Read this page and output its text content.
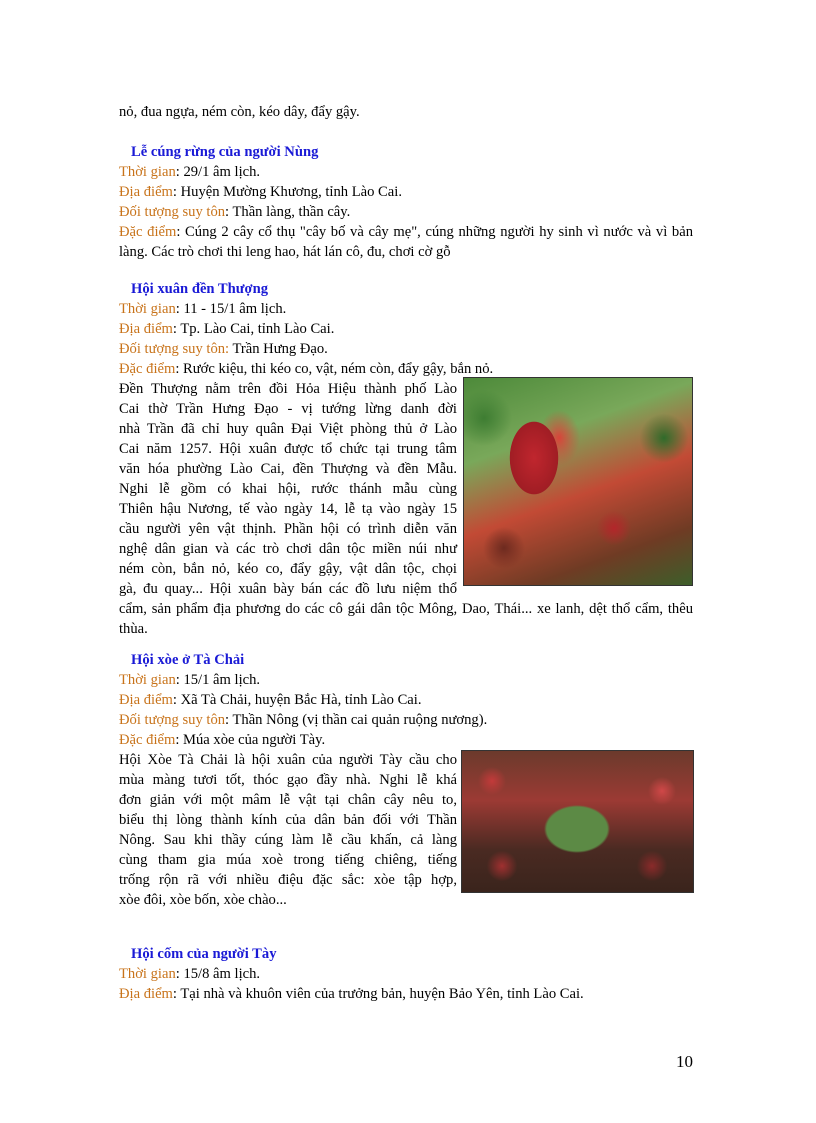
nỏ, đua ngựa, ném còn, kéo dây, đẩy gậy.

Lễ cúng rừng của người Nùng

Thời gian: 29/1 âm lịch.

Địa điểm: Huyện Mường Khương, tỉnh Lào Cai.

Đối tượng suy tôn: Thần làng, thần cây.

Đặc điểm: Cúng 2 cây cổ thụ "cây bố và cây mẹ", cúng những người hy sinh vì nước và vì bản làng. Các trò chơi thi leng hao, hát lán cô, đu, chơi cờ gỗ

Hội xuân đền Thượng

Thời gian: 11 - 15/1 âm lịch.

Địa điểm: Tp. Lào Cai, tỉnh Lào Cai.

Đối tượng suy tôn: Trần Hưng Đạo.

Đặc điểm: Rước kiệu, thi kéo co, vật, ném còn, đẩy gậy, bắn nỏ.

Đền Thượng nằm trên đồi Hỏa Hiệu thành phố Lào

Cai thờ Trần Hưng Đạo - vị tướng lừng danh đời

nhà Trần đã chỉ huy quân Đại Việt phòng thủ ở Lào

Cai năm 1257. Hội xuân được tổ chức tại trung tâm

văn hóa phường Lào Cai, đền Thượng và đền Mẫu.

Nghi lễ gồm có khai hội, rước thánh mẫu cùng

Thiên hậu Nương, tế vào ngày 14, lễ tạ vào ngày 15

cầu người yên vật thịnh. Phần hội có trình diễn văn

nghệ dân gian và các trò chơi dân tộc miền núi như

ném còn, bắn nỏ, kéo co, đẩy gậy, vật dân tộc, chọi

gà, đu quay... Hội xuân bày bán các đồ lưu niệm thổ

cẩm, sản phẩm địa phương do các cô gái dân tộc Mông, Dao, Thái... xe lanh, dệt thổ cẩm, thêu thùa.

Hội xòe ở Tà Chải

Thời gian: 15/1 âm lịch.

Địa điểm: Xã Tà Chải, huyện Bắc Hà, tỉnh Lào Cai.

Đối tượng suy tôn: Thần Nông (vị thần cai quản ruộng nương).

Đặc điểm: Múa xòe của người Tày.

Hội Xòe Tà Chải là hội xuân của người Tày cầu cho

mùa màng tươi tốt, thóc gạo đầy nhà. Nghi lễ khá

đơn giản với một mâm lễ vật tại chân cây nêu to,

biểu thị lòng thành kính của dân bản đối với Thần

Nông. Sau khi thầy cúng làm lễ cầu khấn, cả làng

cùng tham gia múa xoè trong tiếng chiêng, tiếng

trống rộn rã với nhiều điệu đặc sắc: xòe tập hợp,

xòe đôi, xòe bốn, xòe chào...

Hội cốm của người Tày

Thời gian: 15/8 âm lịch.

Địa điểm: Tại nhà và khuôn viên của trưởng bản, huyện Bảo Yên, tỉnh Lào Cai.

10
